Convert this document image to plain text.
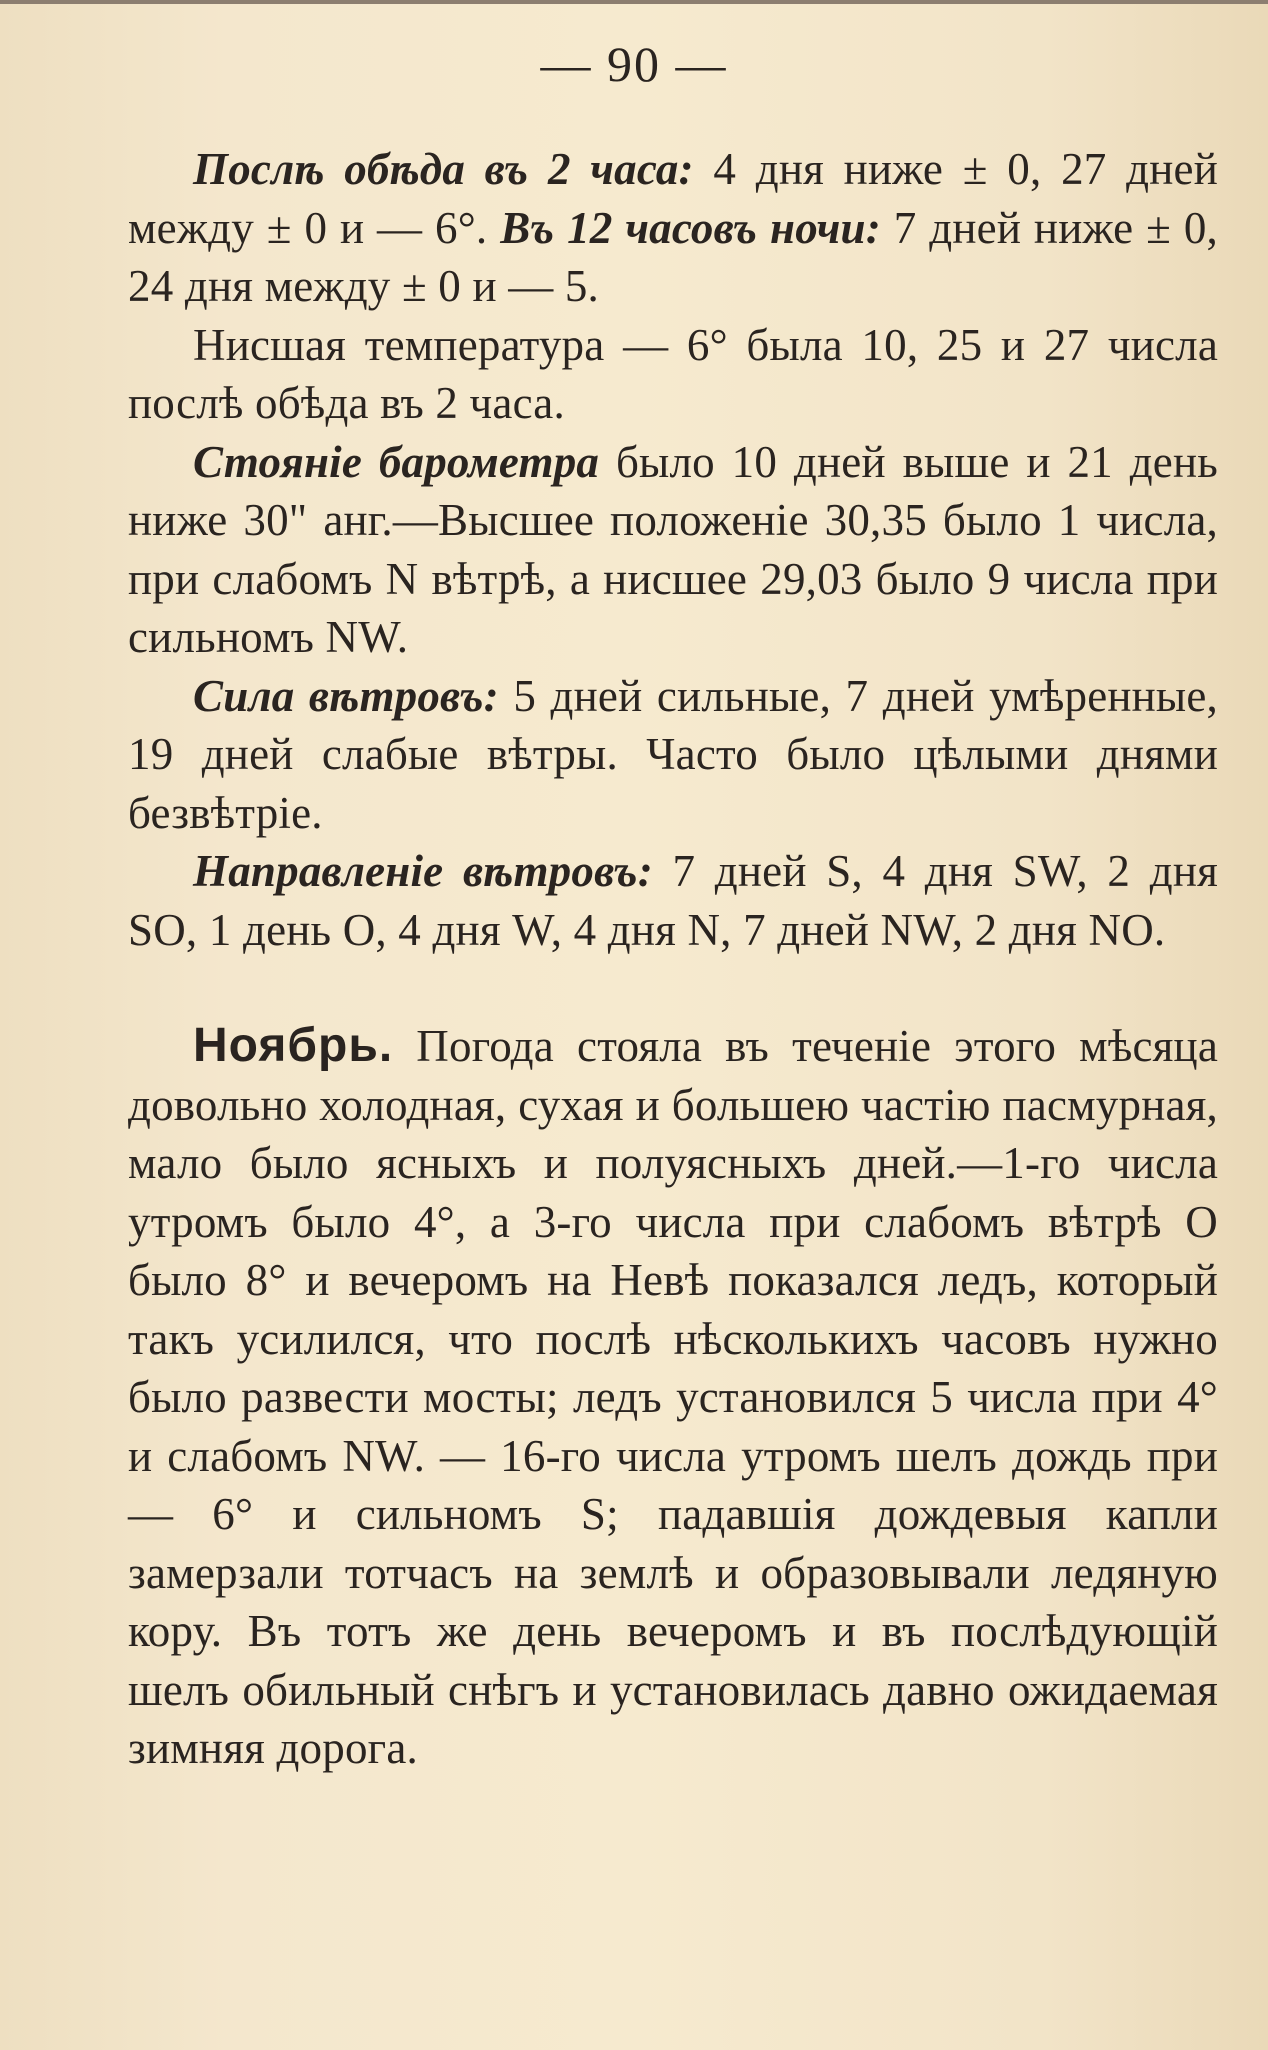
— 90 —

Послѣ обѣда въ 2 часа: 4 дня ниже ± 0, 27 дней между ± 0 и — 6°. Въ 12 часовъ ночи: 7 дней ниже ± 0, 24 дня между ± 0 и — 5.

Нисшая температура — 6° была 10, 25 и 27 числа послѣ обѣда въ 2 часа.

Стоянiе барометра было 10 дней выше и 21 день ниже 30" анг.—Высшее положенiе 30,35 было 1 числа, при слабомъ N вѣтрѣ, а нисшее 29,03 было 9 числа при сильномъ NW.

Сила вѣтровъ: 5 дней сильные, 7 дней умѣренные, 19 дней слабые вѣтры. Часто было цѣлыми днями безвѣтрiе.

Направленiе вѣтровъ: 7 дней S, 4 дня SW, 2 дня SO, 1 день O, 4 дня W, 4 дня N, 7 дней NW, 2 дня NO.

Ноябрь. Погода стояла въ теченiе этого мѣсяца довольно холодная, сухая и большею частiю пасмурная, мало было ясныхъ и полуясныхъ дней.—1-го числа утромъ было 4°, а 3-го числа при слабомъ вѣтрѣ O было 8° и вечеромъ на Невѣ показался ледъ, который такъ усилился, что послѣ нѣсколькихъ часовъ нужно было развести мосты; ледъ установился 5 числа при 4° и слабомъ NW. — 16-го числа утромъ шелъ дождь при — 6° и сильномъ S; падавшiя дождевыя капли замерзали тотчасъ на землѣ и образовывали ледяную кору. Въ тотъ же день вечеромъ и въ послѣдующiй шелъ обильный снѣгъ и установилась давно ожидаемая зимняя дорога.
